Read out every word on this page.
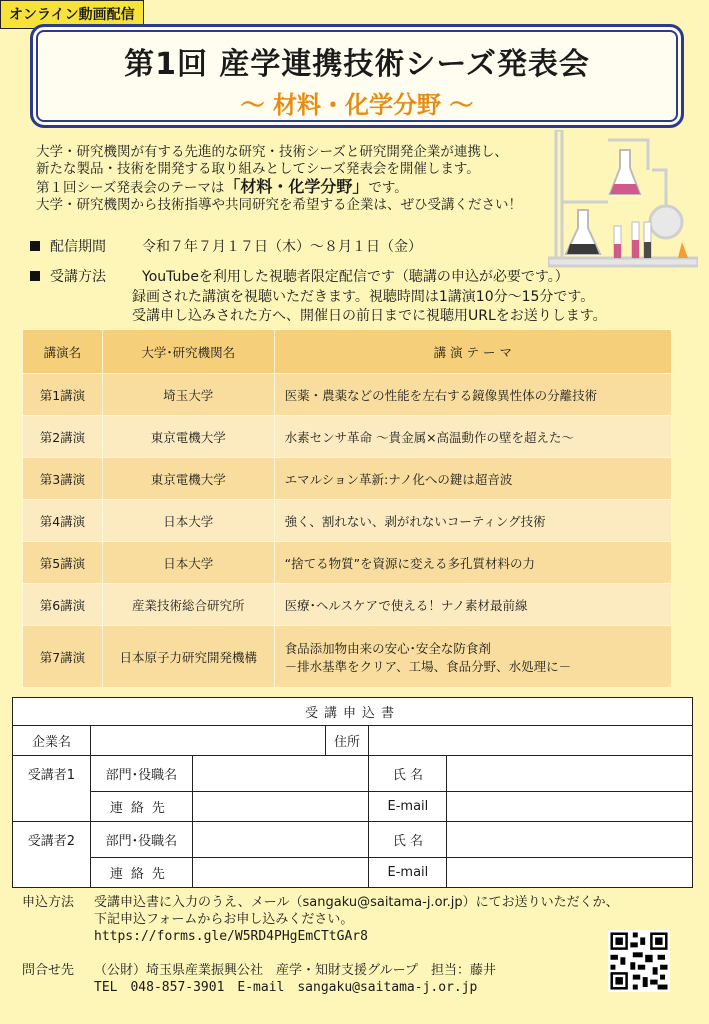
オンライン動画配信
第1回 産学連携技術シーズ発表会
～ 材料・化学分野 ～
大学・研究機関が有する先進的な研究・技術シーズと研究開発企業が連携し、
新たな製品・技術を開発する取り組みとしてシーズ発表会を開催します。
第１回シーズ発表会のテーマは「材料・化学分野」です。
大学・研究機関から技術指導や共同研究を希望する企業は、ぜひ受講ください！
配信期間	令和７年７月１７日（木）～８月１日（金）
受講方法	YouTubeを利用した視聴者限定配信です（聴講の申込が必要です。）
録画された講演を視聴いただきます。視聴時間は1講演10分～15分です。
受講申し込みされた方へ、開催日の前日までに視聴用URLをお送りします。
講演名	大学･研究機関名	講 演 テ ー マ
第1講演	埼玉大学	医薬・農薬などの性能を左右する鏡像異性体の分離技術

第2講演	東京電機大学	水素センサ革命 ～貴金属×高温動作の壁を超えた～

第3講演	東京電機大学	エマルション革新:ナノ化への鍵は超音波

第4講演	日本大学	強く、割れない、剥がれないコーティング技術

第5講演	日本大学	“捨てる物質”を資源に変える多孔質材料の力

第6講演	産業技術総合研究所	医療･ヘルスケアで使える！ナノ素材最前線

第7講演	日本原子力研究開発機構	食品添加物由来の安心･安全な防食剤
－排水基準をクリア、工場、食品分野、水処理に－
受講申込書					
企業名			住所		
受講者1	部門･役職名			氏 名	
	連絡先			E-mail	
受講者2	部門･役職名			氏 名	
	連絡先			E-mail	
申込方法 受講申込書に入力のうえ、メール（sangaku@saitama-j.or.jp）にてお送りいただくか、
下記申込フォームからお申し込みください。
https://forms.gle/W5RD4PHgEmCTtGAr8
問合せ先 （公財）埼玉県産業振興公社　産学・知財支援グループ　担当：藤井
TEL　048-857-3901　E-mail　sangaku@saitama-j.or.jp
